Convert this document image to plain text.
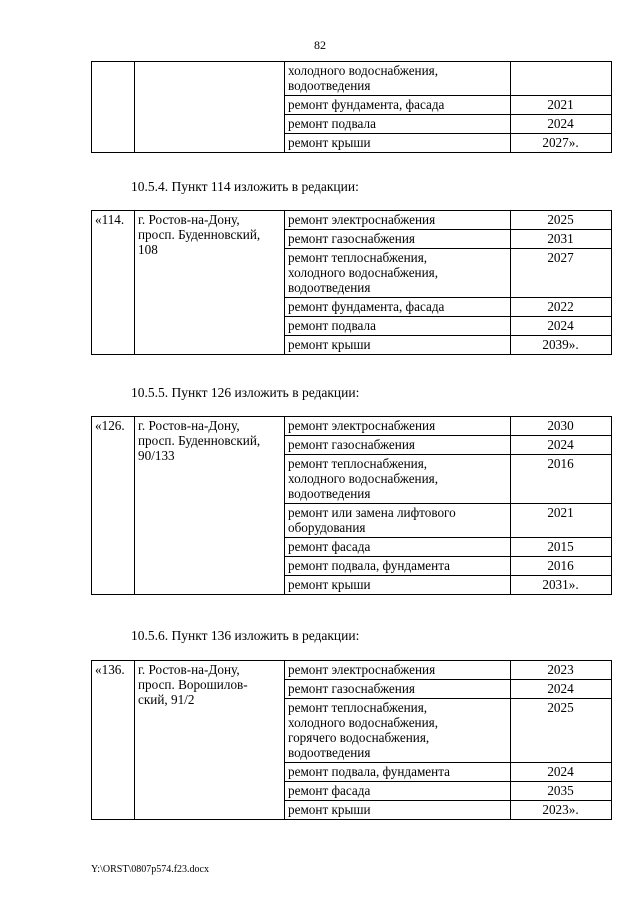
82

		холодного водоснабжения,
водоотведения	

		ремонт фундамента, фасада	2021

		ремонт подвала	2024

		ремонт крыши	2027».
10.5.4. Пункт 114 изложить в редакции:
«114.	г. Ростов-на-Дону,
просп. Буденновский,
108	ремонт электроснабжения	2025

		ремонт газоснабжения	2031

		ремонт теплоснабжения,
холодного водоснабжения,
водоотведения	2027

		ремонт фундамента, фасада	2022

		ремонт подвала	2024

		ремонт крыши	2039».
10.5.5. Пункт 126 изложить в редакции:
«126.	г. Ростов-на-Дону,
просп. Буденновский,
90/133	ремонт электроснабжения	2030

		ремонт газоснабжения	2024

		ремонт теплоснабжения,
холодного водоснабжения,
водоотведения	2016

		ремонт или замена лифтового
оборудования	2021

		ремонт фасада	2015

		ремонт подвала, фундамента	2016

		ремонт крыши	2031».
10.5.6. Пункт 136 изложить в редакции:
«136.	г. Ростов-на-Дону,
просп. Ворошилов-
ский, 91/2	ремонт электроснабжения	2023

		ремонт газоснабжения	2024

		ремонт теплоснабжения,
холодного водоснабжения,
горячего водоснабжения,
водоотведения	2025

		ремонт подвала, фундамента	2024

		ремонт фасада	2035

		ремонт крыши	2023».
Y:\ORST\0807p574.f23.docx
